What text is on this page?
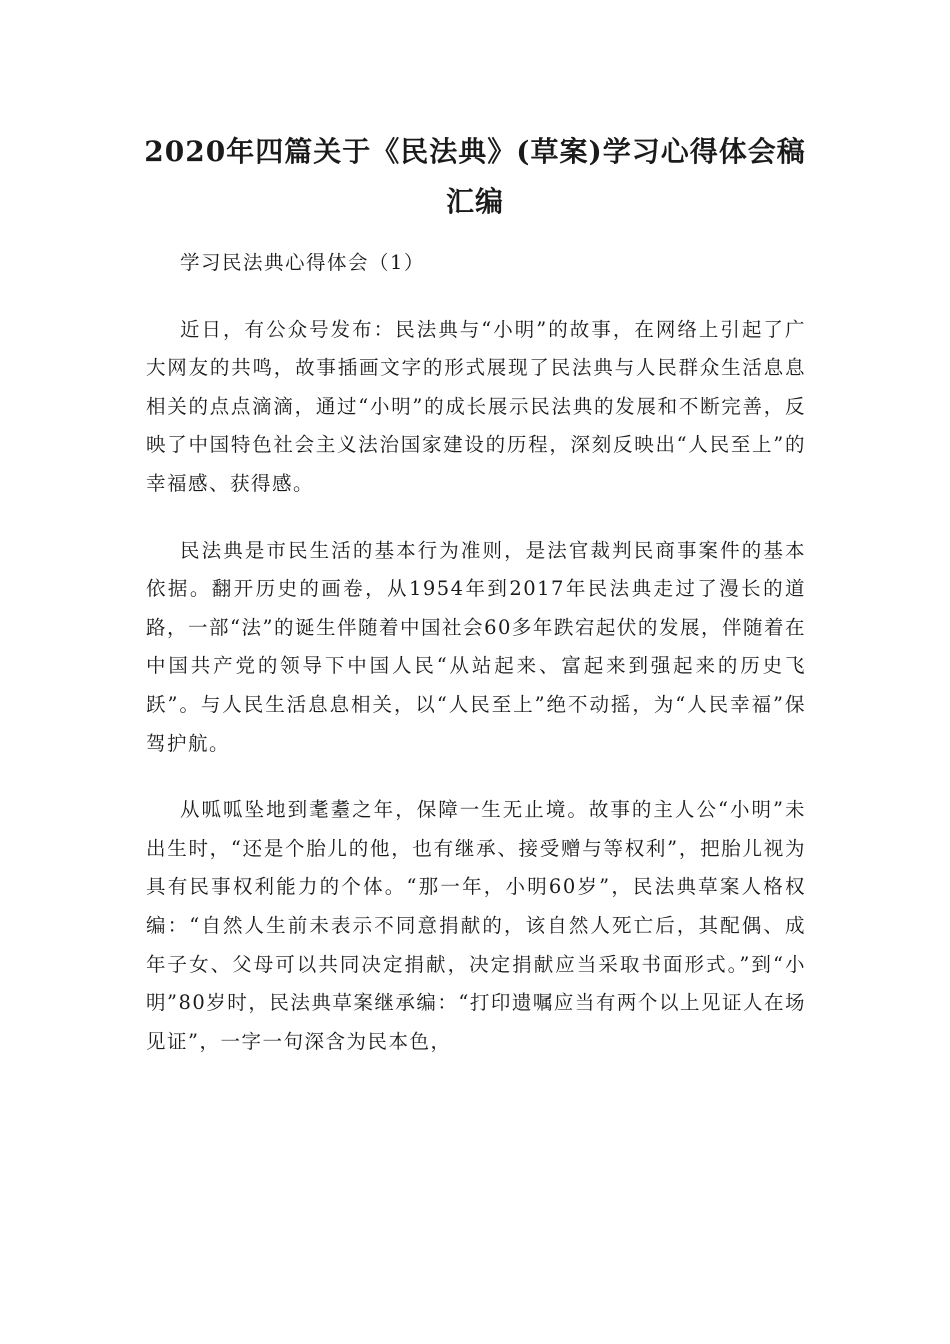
2020年四篇关于《民法典》(草案)学习心得体会稿
汇编

学习民法典心得体会（1）

近日，有公众号发布：民法典与“小明”的故事，在网络上引起了广大网友的共鸣，故事插画文字的形式展现了民法典与人民群众生活息息相关的点点滴滴，通过“小明”的成长展示民法典的发展和不断完善，反映了中国特色社会主义法治国家建设的历程，深刻反映出“人民至上”的幸福感、获得感。

民法典是市民生活的基本行为准则，是法官裁判民商事案件的基本依据。翻开历史的画卷，从1954年到2017年民法典走过了漫长的道路，一部“法”的诞生伴随着中国社会60多年跌宕起伏的发展，伴随着在中国共产党的领导下中国人民“从站起来、富起来到强起来的历史飞跃”。与人民生活息息相关，以“人民至上”绝不动摇，为“人民幸福”保驾护航。

从呱呱坠地到耄耋之年，保障一生无止境。故事的主人公“小明”未出生时，“还是个胎儿的他，也有继承、接受赠与等权利”，把胎儿视为具有民事权利能力的个体。“那一年，小明60岁”，民法典草案人格权编：“自然人生前未表示不同意捐献的，该自然人死亡后，其配偶、成年子女、父母可以共同决定捐献，决定捐献应当采取书面形式。”到“小明”80岁时，民法典草案继承编：“打印遗嘱应当有两个以上见证人在场见证”，一字一句深含为民本色，
